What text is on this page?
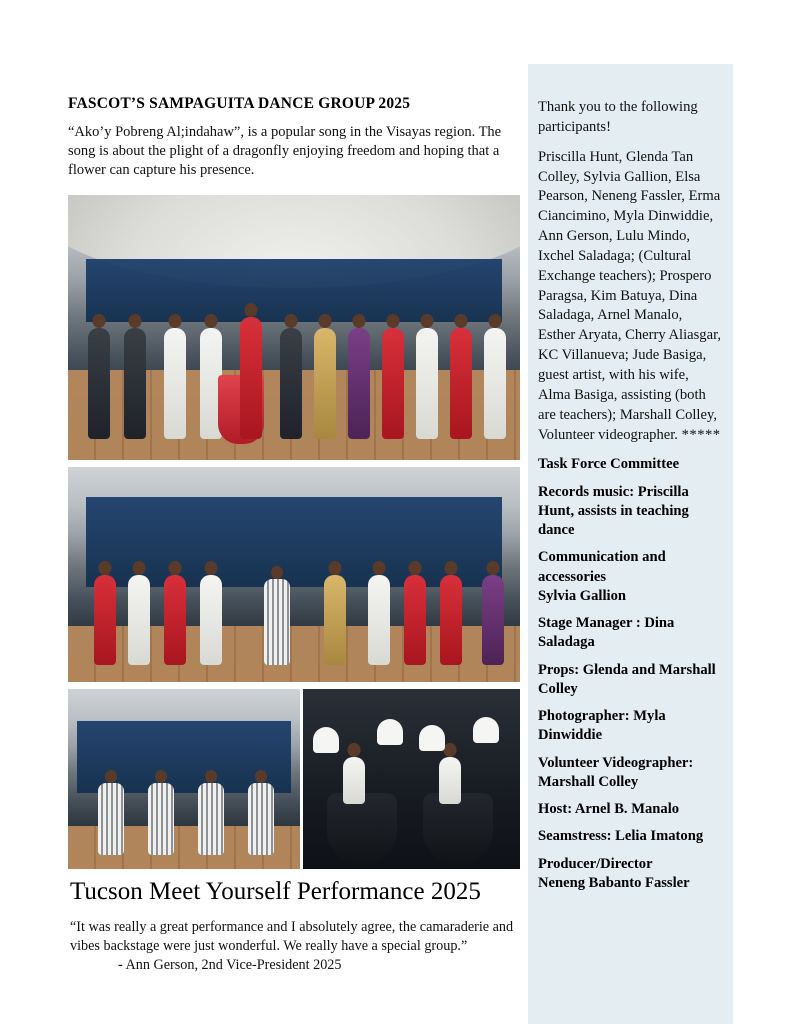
FASCOT’S SAMPAGUITA DANCE GROUP 2025

“Ako’y Pobreng Al;indahaw”, is a popular song in the Visayas region. The song is about the plight of a dragonfly enjoying freedom and hoping that a flower can capture his presence.

Tucson Meet Yourself Performance 2025
“It was really a great performance and I absolutely agree, the camaraderie and vibes backstage were just wonderful. We really have a special group.” - Ann Gerson, 2nd Vice-President 2025

Thank you to the following participants!

Priscilla Hunt, Glenda Tan Colley, Sylvia Gallion, Elsa Pearson, Neneng Fassler, Erma Ciancimino, Myla Dinwiddie, Ann Gerson, Lulu Mindo, Ixchel Saladaga; (Cultural Exchange teachers); Prospero Paragsa, Kim Batuya, Dina Saladaga, Arnel Manalo, Esther Aryata, Cherry Aliasgar, KC Villanueva; Jude Basiga, guest artist, with his wife, Alma Basiga, assisting (both are teachers); Marshall Colley, Volunteer videographer. *****

Task Force Committee

Records music: Priscilla Hunt, assists in teaching dance

Communication and accessories
Sylvia Gallion

Stage Manager : Dina Saladaga

Props: Glenda and Marshall Colley

Photographer: Myla Dinwiddie

Volunteer Videographer: Marshall Colley

Host: Arnel B. Manalo

Seamstress: Lelia Imatong

Producer/Director
Neneng Babanto Fassler
